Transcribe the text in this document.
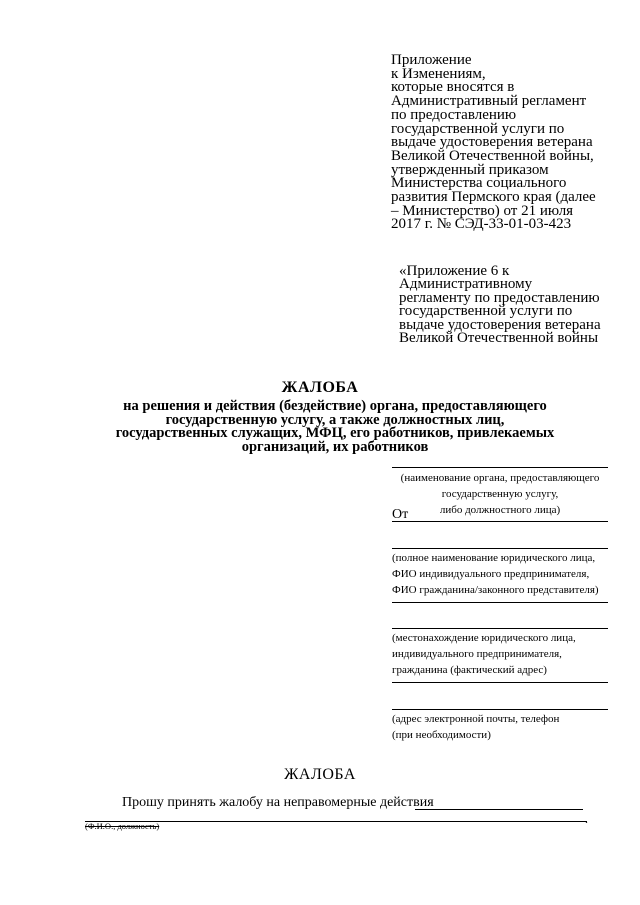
Приложение
к Изменениям,
которые вносятся в
Административный регламент
по предоставлению
государственной услуги по
выдаче удостоверения ветерана
Великой Отечественной войны,
утвержденный приказом
Министерства социального
развития Пермского края (далее
– Министерство) от 21 июля
2017 г. № СЭД-33-01-03-423
«Приложение 6 к
Административному
регламенту по предоставлению
государственной услуги по
выдаче удостоверения ветерана
Великой Отечественной войны
ЖАЛОБА
на решения и действия (бездействие) органа, предоставляющего
государственную услугу, а также должностных лиц,
государственных служащих, МФЦ, его работников, привлекаемых
организаций, их работников
(наименование органа, предоставляющего
государственную услугу,
либо должностного лица)
От
(полное наименование юридического лица,
ФИО индивидуального предпринимателя,
ФИО гражданина/законного представителя)
(местонахождение юридического лица,
индивидуального предпринимателя,
гражданина (фактический адрес)
(адрес электронной почты, телефон
(при необходимости)
ЖАЛОБА
Прошу принять жалобу на неправомерные действия
.
(Ф.И.О., должность)
